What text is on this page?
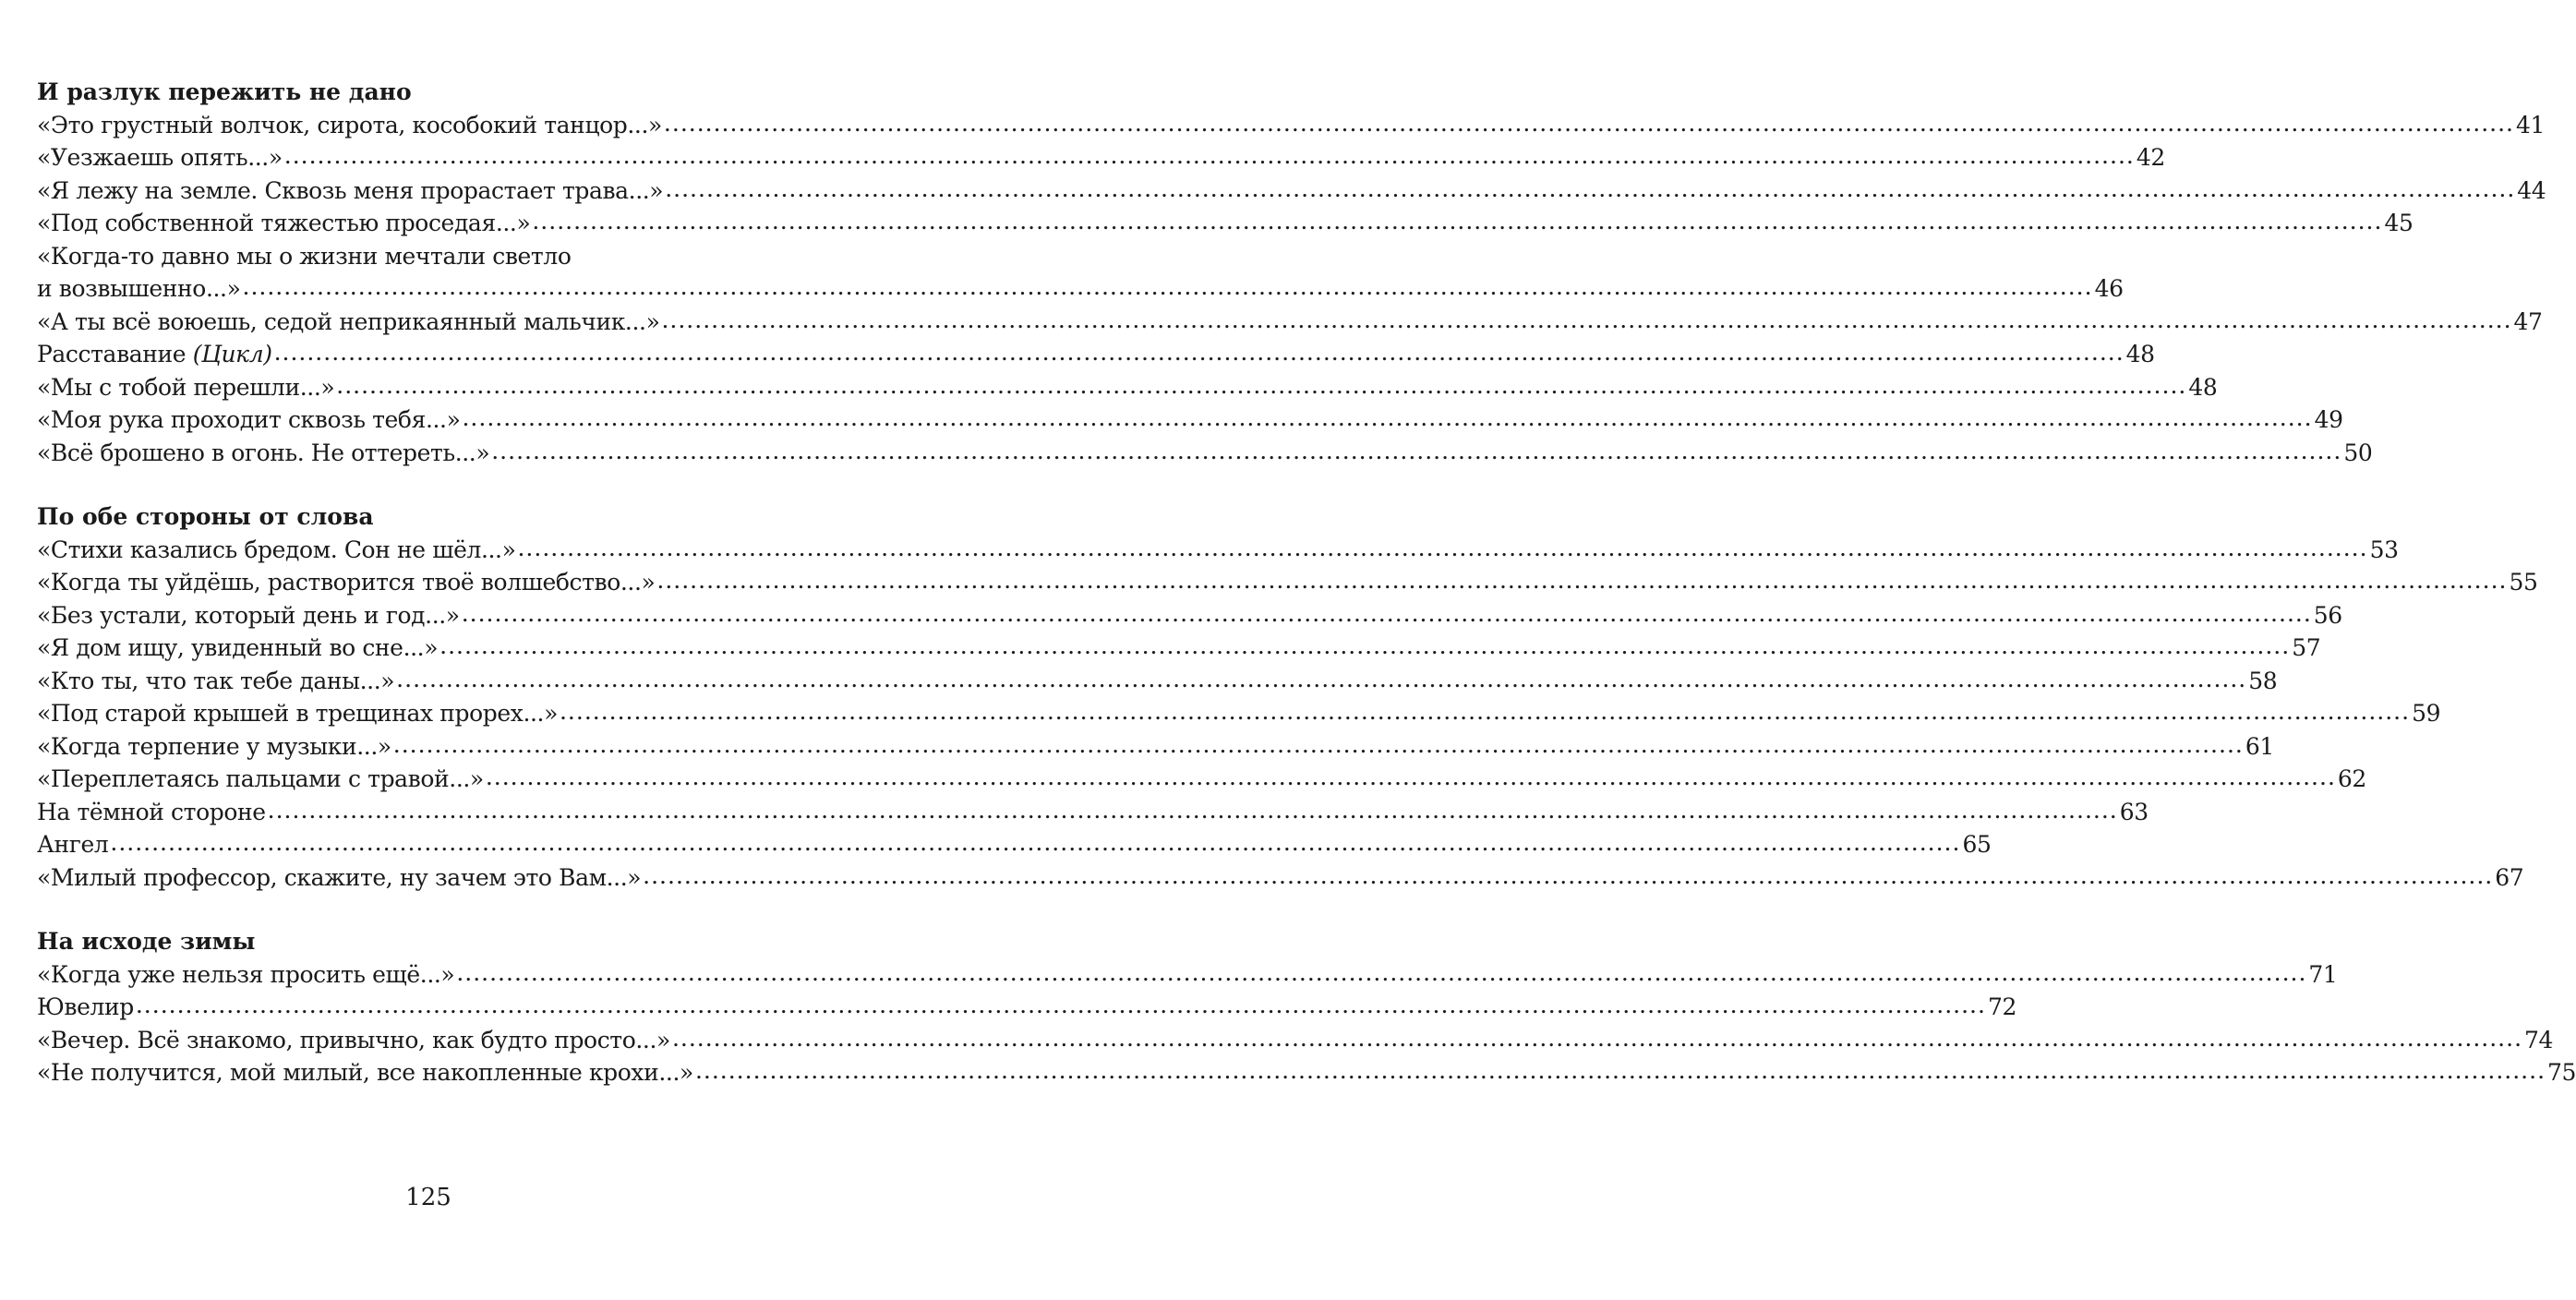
И разлук пережить не дано
«Это грустный волчок, сирота, кособокий танцор...» .....	41
«Уезжаешь опять...» .....	42
«Я лежу на земле. Сквозь меня прорастает трава...» .....	44
«Под собственной тяжестью проседая...» .....	45
«Когда-то давно мы о жизни мечтали светло
и возвышенно...» .....	46
«А ты всё воюешь, седой неприкаянный мальчик...» .....	47
Расставание (Цикл) .....	48
«Мы с тобой перешли...» .....	48
«Моя рука проходит сквозь тебя...» .....	49
«Всё брошено в огонь. Не оттереть...» .....	50
По обе стороны от слова
«Стихи казались бредом. Сон не шёл...» .....	53
«Когда ты уйдёшь, растворится твоё волшебство...» .....	55
«Без устали, который день и год...» .....	56
«Я дом ищу, увиденный во сне...» .....	57
«Кто ты, что так тебе даны...» .....	58
«Под старой крышей в трещинах прорех...» .....	59
«Когда терпение у музыки...» .....	61
«Переплетаясь пальцами с травой...» .....	62
На тёмной стороне .....	63
Ангел .....	65
«Милый профессор, скажите, ну зачем это Вам...» .....	67
На исходе зимы
«Когда уже нельзя просить ещё...» .....	71
Ювелир .....	72
«Вечер. Всё знакомо, привычно, как будто просто...» .....	74
«Не получится, мой милый, все накопленные крохи...» .....	75
125
